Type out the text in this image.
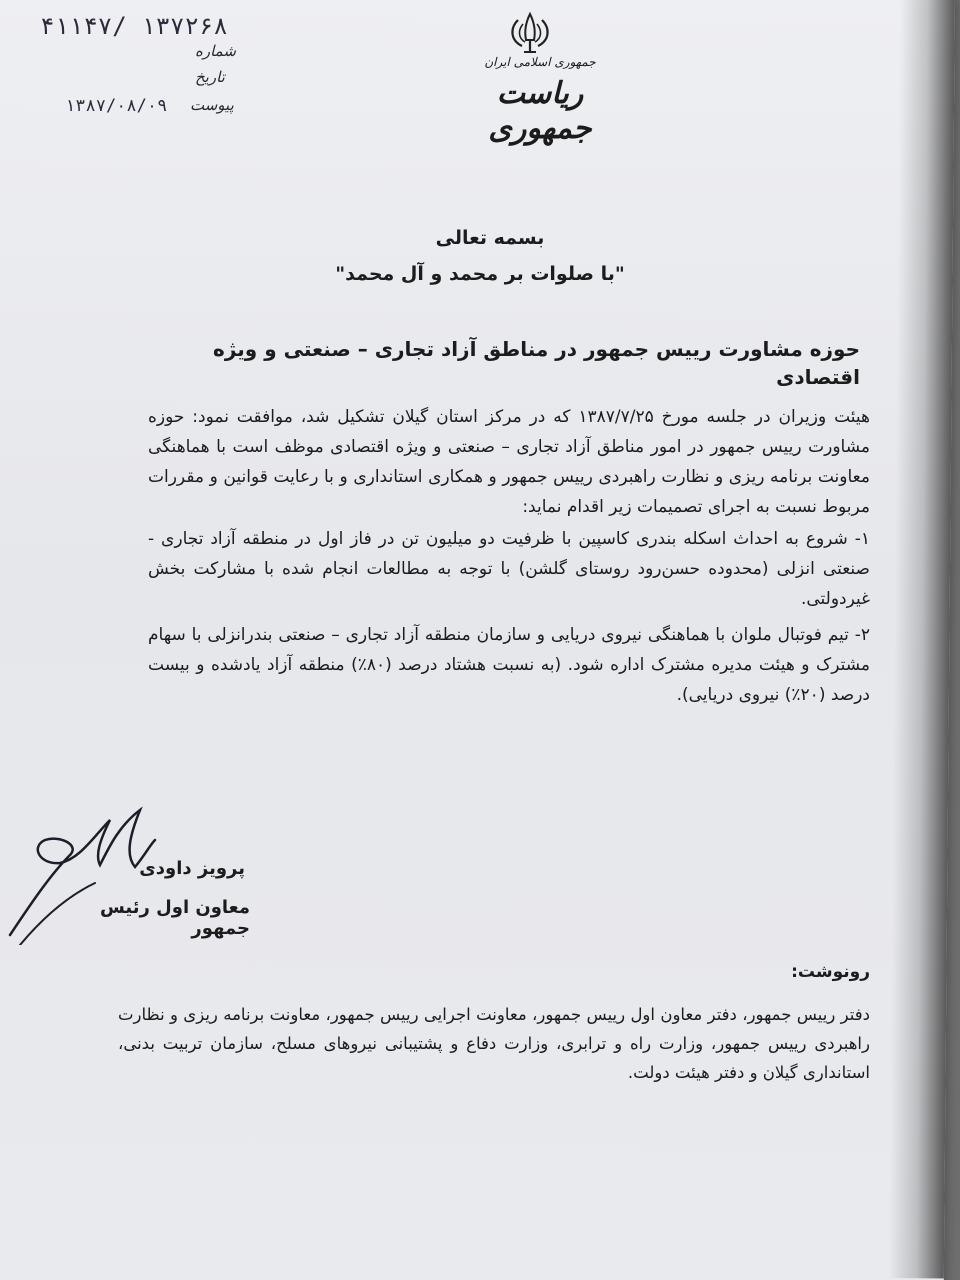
جمهوری اسلامی ایران
ریاست جمهوری
۴۱۱۴۷/ ۱۳۷۲۶۸
شماره
تاریخ
پیوست
۱۳۸۷/۰۸/۰۹
بسمه تعالی
"با صلوات بر محمد و آل محمد"
حوزه مشاورت رییس جمهور در مناطق آزاد تجاری – صنعتی و ویژه اقتصادی

هیئت وزیران در جلسه مورخ ۱۳۸۷/۷/۲۵ که در مرکز استان گیلان تشکیل شد، موافقت نمود: حوزه مشاورت رییس جمهور در امور مناطق آزاد تجاری – صنعتی و ویژه اقتصادی موظف است با هماهنگی معاونت برنامه ریزی و نظارت راهبردی رییس جمهور و همکاری استانداری و با رعایت قوانین و مقررات مربوط نسبت به اجرای تصمیمات زیر اقدام نماید:

۱- شروع به احداث اسکله بندری کاسپین با ظرفیت دو میلیون تن در فاز اول در منطقه آزاد تجاری - صنعتی انزلی (محدوده حسن‌رود روستای گلشن) با توجه به مطالعات انجام شده با مشارکت بخش غیردولتی.

۲- تیم فوتبال ملوان با هماهنگی نیروی دریایی و سازمان منطقه آزاد تجاری – صنعتی بندرانزلی با سهام مشترک و هیئت مدیره مشترک اداره شود. (به نسبت هشتاد درصد (۸۰٪) منطقه آزاد یادشده و بیست درصد (۲۰٪) نیروی دریایی).

پرویز داودی
معاون اول رئیس جمهور
رونوشت:
دفتر رییس جمهور، دفتر معاون اول رییس جمهور، معاونت اجرایی رییس جمهور، معاونت برنامه ریزی و نظارت راهبردی رییس جمهور، وزارت راه و ترابری، وزارت دفاع و پشتیبانی نیروهای مسلح، سازمان تربیت بدنی، استانداری گیلان و دفتر هیئت دولت.
